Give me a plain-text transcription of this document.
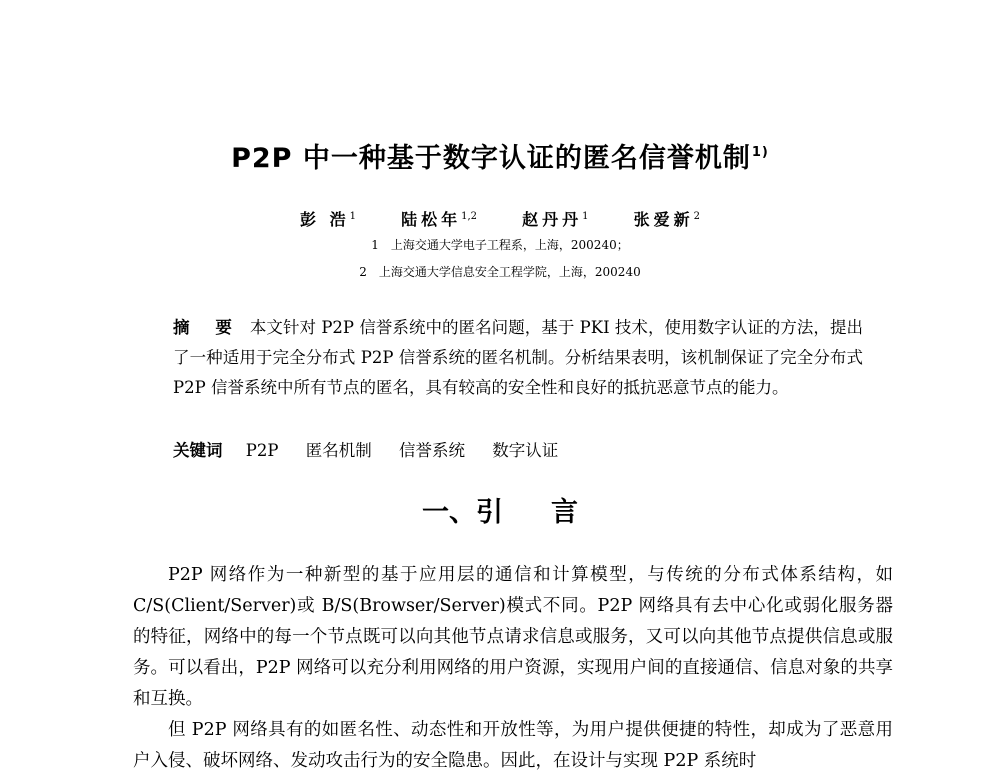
P2P 中一种基于数字认证的匿名信誉机制$^{1)}$
彭 浩$^1$	陆松年$^{1,2}$	赵丹丹$^1$	张爱新$^2$
1 上海交通大学电子工程系，上海，200240；
2 上海交通大学信息安全工程学院，上海，200240
摘 要 本文针对 P2P 信誉系统中的匿名问题，基于 PKI 技术，使用数字认证的方法，提出了一种适用于完全分布式 P2P 信誉系统的匿名机制。分析结果表明，该机制保证了完全分布式 P2P 信誉系统中所有节点的匿名，具有较高的安全性和良好的抵抗恶意节点的能力。
关键词 P2P 匿名机制 信誉系统 数字认证
一、引 言

P2P 网络作为一种新型的基于应用层的通信和计算模型，与传统的分布式体系结构，如 C/S(Client/Server)或 B/S(Browser/Server)模式不同。P2P 网络具有去中心化或弱化服务器的特征，网络中的每一个节点既可以向其他节点请求信息或服务，又可以向其他节点提供信息或服务。可以看出，P2P 网络可以充分利用网络的用户资源，实现用户间的直接通信、信息对象的共享和互换。

但 P2P 网络具有的如匿名性、动态性和开放性等，为用户提供便捷的特性，却成为了恶意用户入侵、破坏网络、发动攻击行为的安全隐患。因此，在设计与实现 P2P 系统时
